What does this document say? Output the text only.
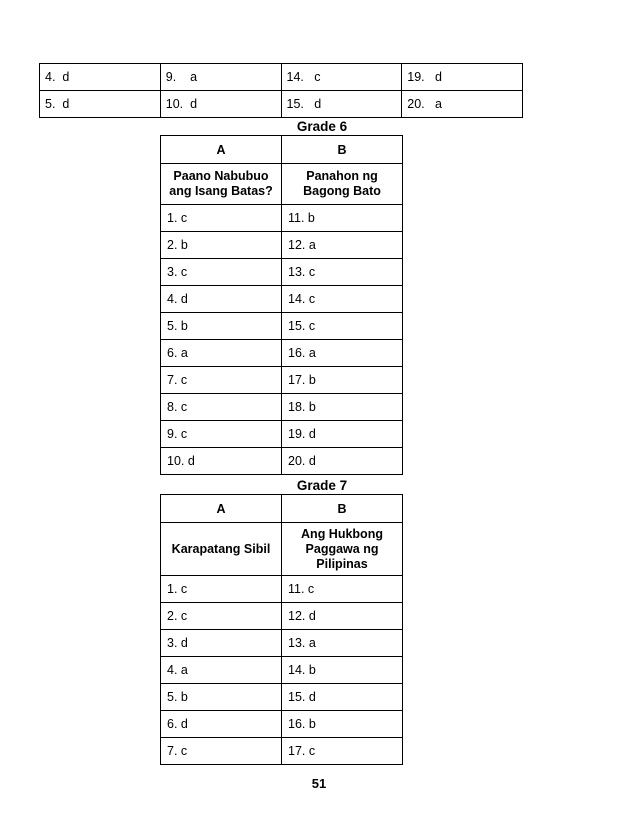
4.  d	9.    a	14.   c	19.   d
5.  d	10.  d	15.   d	20.   a
Grade 6
A	B
Paano Nabubuo ang Isang Batas?	Panahon ng Bagong Bato
1. c	11. b
2. b	12. a
3. c	13. c
4. d	14. c
5. b	15. c
6. a	16. a
7. c	17. b
8. c	18. b
9. c	19. d
10. d	20. d
Grade 7
A	B
Karapatang Sibil	Ang Hukbong Paggawa ng Pilipinas
1. c	11. c
2. c	12. d
3. d	13. a
4. a	14. b
5. b	15. d
6. d	16. b
7. c	17. c
51
